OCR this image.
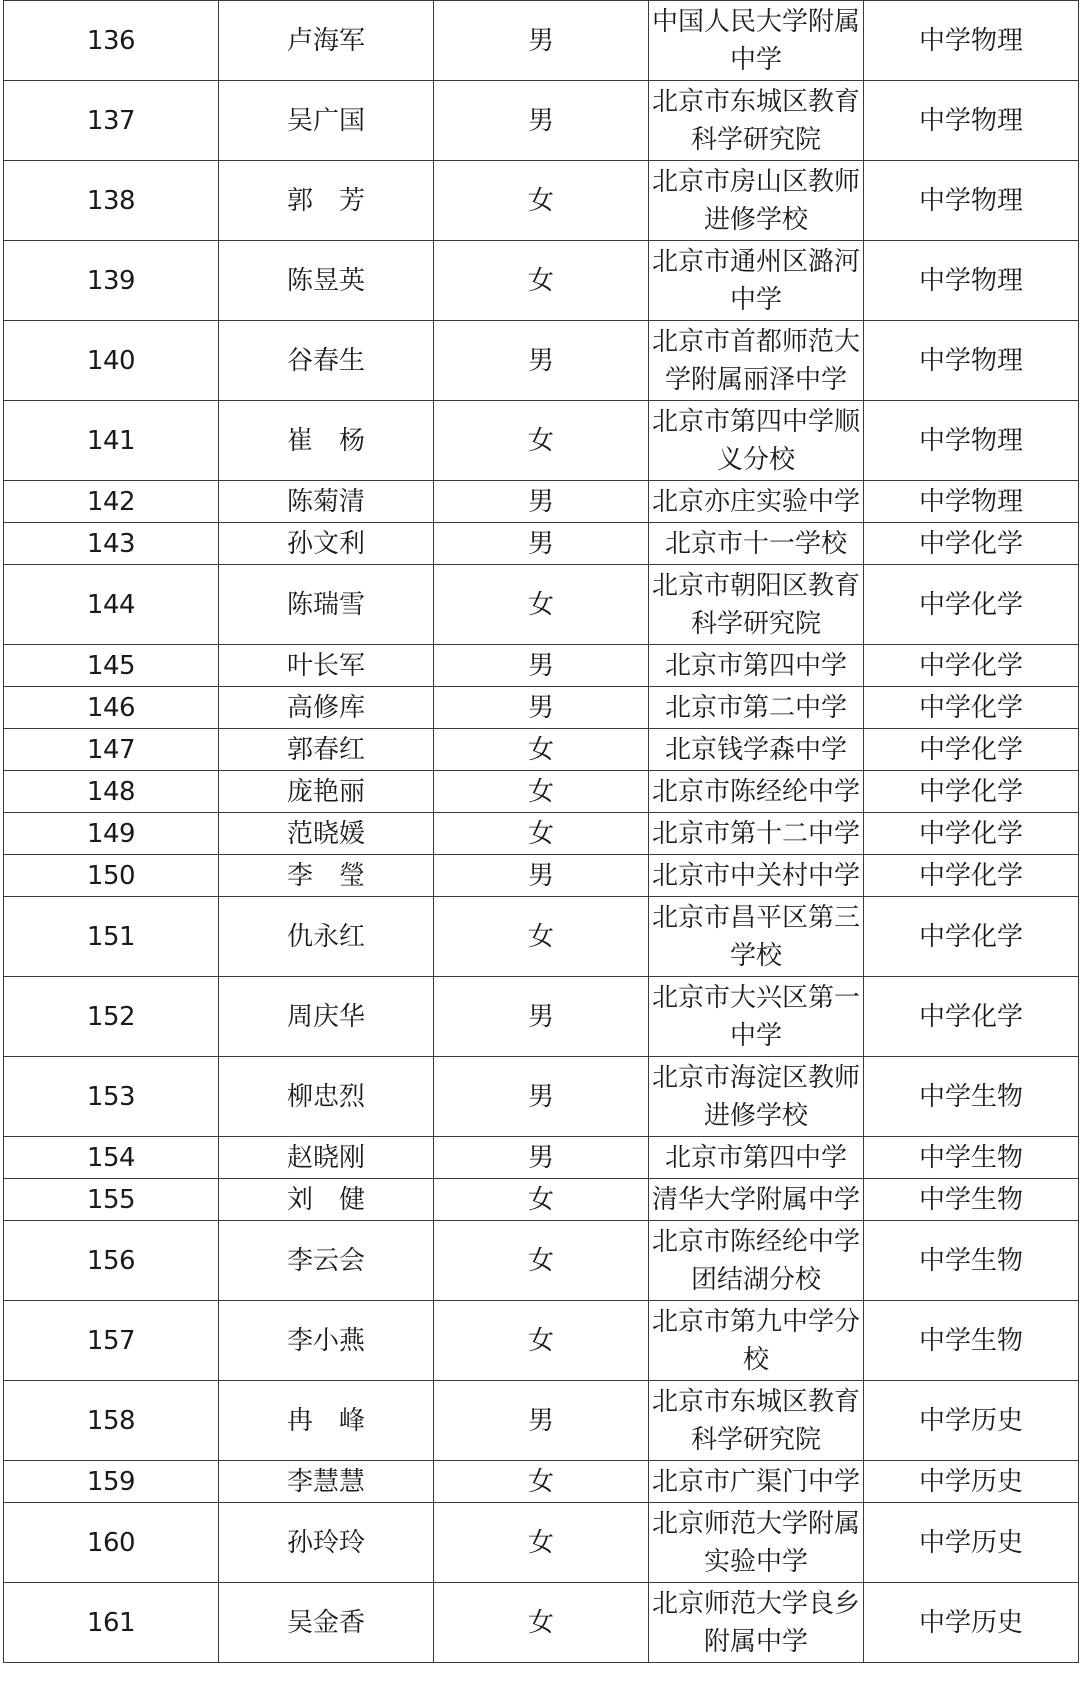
136	卢海军	男	中国人民大学附属中学	中学物理
137	吴广国	男	北京市东城区教育科学研究院	中学物理
138	郭　芳	女	北京市房山区教师进修学校	中学物理
139	陈昱英	女	北京市通州区潞河中学	中学物理
140	谷春生	男	北京市首都师范大学附属丽泽中学	中学物理
141	崔　杨	女	北京市第四中学顺义分校	中学物理
142	陈菊清	男	北京亦庄实验中学	中学物理
143	孙文利	男	北京市十一学校	中学化学
144	陈瑞雪	女	北京市朝阳区教育科学研究院	中学化学
145	叶长军	男	北京市第四中学	中学化学
146	高修库	男	北京市第二中学	中学化学
147	郭春红	女	北京钱学森中学	中学化学
148	庞艳丽	女	北京市陈经纶中学	中学化学
149	范晓媛	女	北京市第十二中学	中学化学
150	李　瑩	男	北京市中关村中学	中学化学
151	仇永红	女	北京市昌平区第三学校	中学化学
152	周庆华	男	北京市大兴区第一中学	中学化学
153	柳忠烈	男	北京市海淀区教师进修学校	中学生物
154	赵晓刚	男	北京市第四中学	中学生物
155	刘　健	女	清华大学附属中学	中学生物
156	李云会	女	北京市陈经纶中学团结湖分校	中学生物
157	李小燕	女	北京市第九中学分校	中学生物
158	冉　峰	男	北京市东城区教育科学研究院	中学历史
159	李慧慧	女	北京市广渠门中学	中学历史
160	孙玲玲	女	北京师范大学附属实验中学	中学历史
161	吴金香	女	北京师范大学良乡附属中学	中学历史
